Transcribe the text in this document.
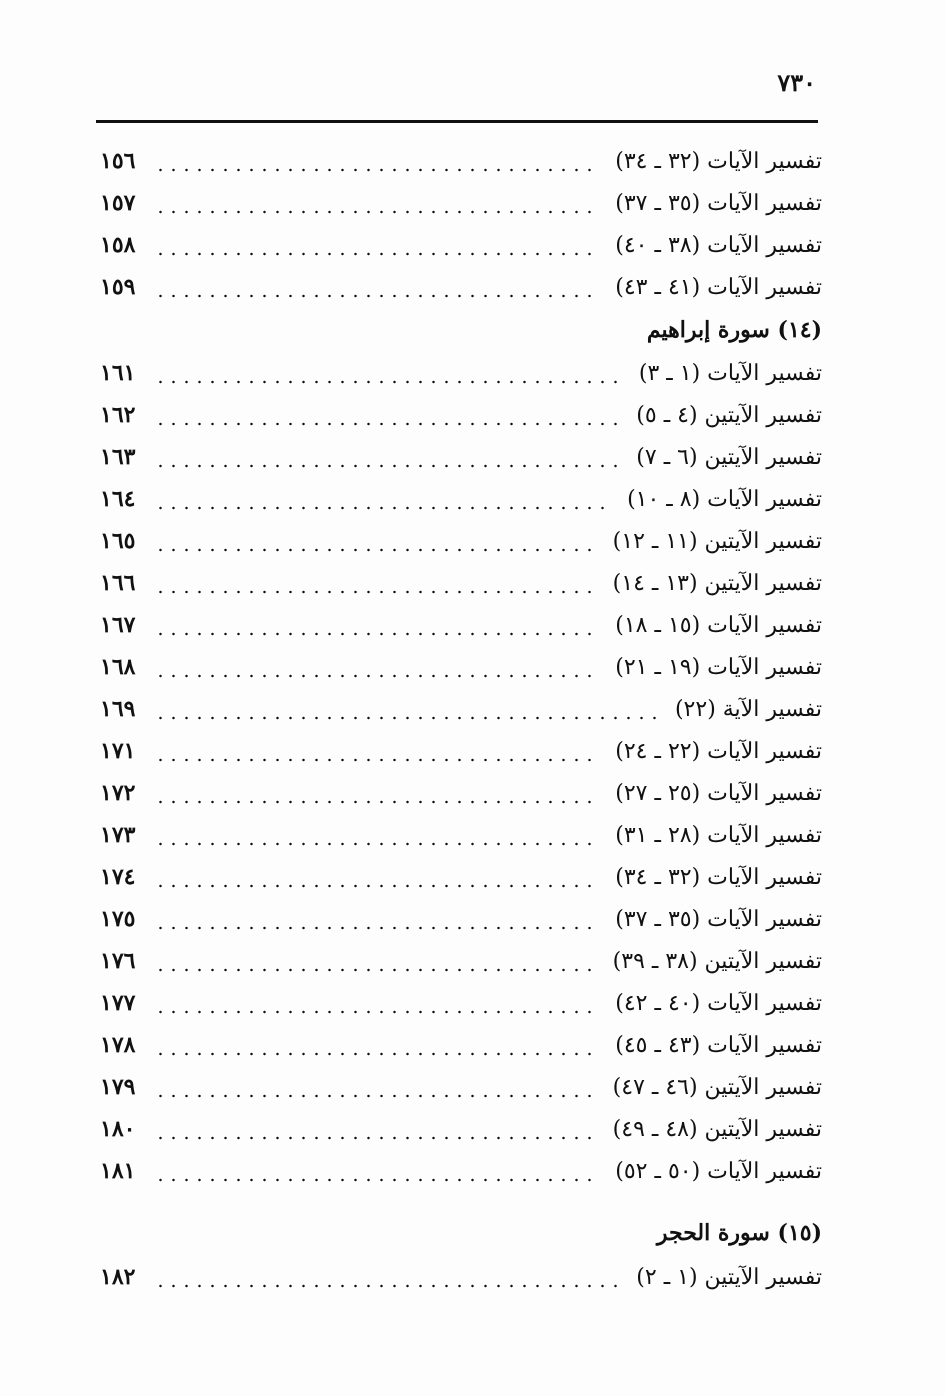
٧٣٠
تفسير الآيات (٣٢ ـ ٣٤)
١٥٦
تفسير الآيات (٣٥ ـ ٣٧)
١٥٧
تفسير الآيات (٣٨ ـ ٤٠)
١٥٨
تفسير الآيات (٤١ ـ ٤٣)
١٥٩
(١٤) سورة إبراهيم
تفسير الآيات (١ ـ ٣)
١٦١
تفسير الآيتين (٤ ـ ٥)
١٦٢
تفسير الآيتين (٦ ـ ٧)
١٦٣
تفسير الآيات (٨ ـ ١٠)
١٦٤
تفسير الآيتين (١١ ـ ١٢)
١٦٥
تفسير الآيتين (١٣ ـ ١٤)
١٦٦
تفسير الآيات (١٥ ـ ١٨)
١٦٧
تفسير الآيات (١٩ ـ ٢١)
١٦٨
تفسير الآية (٢٢)
١٦٩
تفسير الآيات (٢٢ ـ ٢٤)
١٧١
تفسير الآيات (٢٥ ـ ٢٧)
١٧٢
تفسير الآيات (٢٨ ـ ٣١)
١٧٣
تفسير الآيات (٣٢ ـ ٣٤)
١٧٤
تفسير الآيات (٣٥ ـ ٣٧)
١٧٥
تفسير الآيتين (٣٨ ـ ٣٩)
١٧٦
تفسير الآيات (٤٠ ـ ٤٢)
١٧٧
تفسير الآيات (٤٣ ـ ٤٥)
١٧٨
تفسير الآيتين (٤٦ ـ ٤٧)
١٧٩
تفسير الآيتين (٤٨ ـ ٤٩)
١٨٠
تفسير الآيات (٥٠ ـ ٥٢)
١٨١
(١٥) سورة الحجر
تفسير الآيتين (١ ـ ٢)
١٨٢
